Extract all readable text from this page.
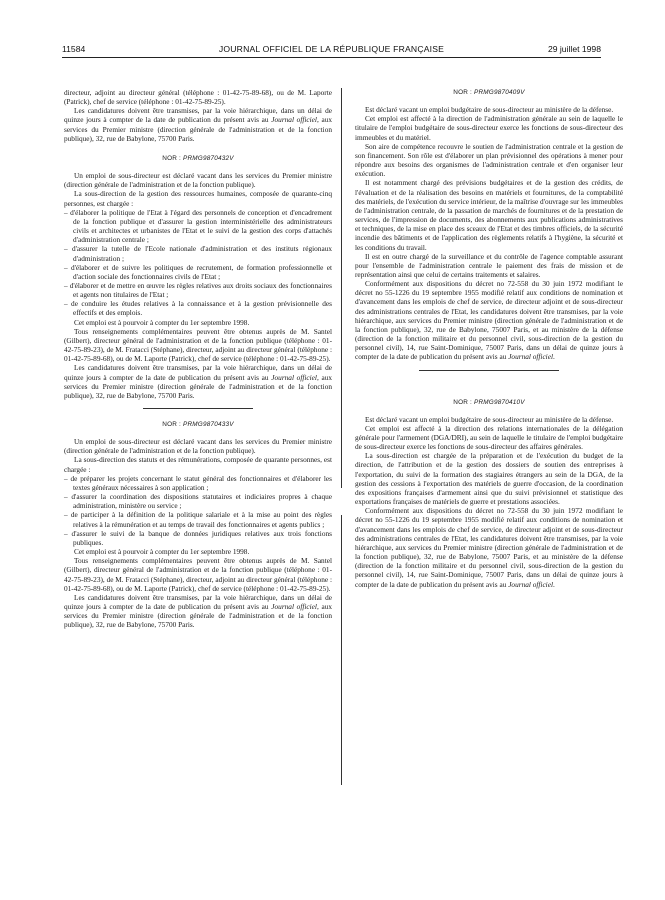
11584	JOURNAL OFFICIEL DE LA RÉPUBLIQUE FRANÇAISE	29 juillet 1998

directeur, adjoint au directeur général (téléphone : 01-42-75-89-68), ou de M. Laporte (Patrick), chef de service (téléphone : 01-42-75-89-25).

Les candidatures doivent être transmises, par la voie hiérarchique, dans un délai de quinze jours à compter de la date de publication du présent avis au Journal officiel, aux services du Premier ministre (direction générale de l'administration et de la fonction publique), 32, rue de Babylone, 75700 Paris.

NOR : PRMG9870432V

Un emploi de sous-directeur est déclaré vacant dans les services du Premier ministre (direction générale de l'administration et de la fonction publique).

La sous-direction de la gestion des ressources humaines, composée de quarante-cinq personnes, est chargée :

– d'élaborer la politique de l'Etat à l'égard des personnels de conception et d'encadrement de la fonction publique et d'assurer la gestion interministérielle des administrateurs civils et architectes et urbanistes de l'Etat et le suivi de la gestion des corps d'attachés d'administration centrale ;
– d'assurer la tutelle de l'Ecole nationale d'administration et des instituts régionaux d'administration ;
– d'élaborer et de suivre les politiques de recrutement, de formation professionnelle et d'action sociale des fonctionnaires civils de l'Etat ;
– d'élaborer et de mettre en œuvre les règles relatives aux droits sociaux des fonctionnaires et agents non titulaires de l'Etat ;
– de conduire les études relatives à la connaissance et à la gestion prévisionnelle des effectifs et des emplois.

Cet emploi est à pourvoir à compter du 1er septembre 1998.

Tous renseignements complémentaires peuvent être obtenus auprès de M. Santel (Gilbert), directeur général de l'administration et de la fonction publique (téléphone : 01-42-75-89-23), de M. Fratacci (Stéphane), directeur, adjoint au directeur général (téléphone : 01-42-75-89-68), ou de M. Laporte (Patrick), chef de service (téléphone : 01-42-75-89-25).

Les candidatures doivent être transmises, par la voie hiérarchique, dans un délai de quinze jours à compter de la date de publication du présent avis au Journal officiel, aux services du Premier ministre (direction générale de l'administration et de la fonction publique), 32, rue de Babylone, 75700 Paris.

NOR : PRMG9870433V

Un emploi de sous-directeur est déclaré vacant dans les services du Premier ministre (direction générale de l'administration et de la fonction publique).

La sous-direction des statuts et des rémunérations, composée de quarante personnes, est chargée :

– de préparer les projets concernant le statut général des fonctionnaires et d'élaborer les textes généraux nécessaires à son application ;
– d'assurer la coordination des dispositions statutaires et indiciaires propres à chaque administration, ministère ou service ;
– de participer à la définition de la politique salariale et à la mise au point des règles relatives à la rémunération et au temps de travail des fonctionnaires et agents publics ;
– d'assurer le suivi de la banque de données juridiques relatives aux trois fonctions publiques.

Cet emploi est à pourvoir à compter du 1er septembre 1998.

Tous renseignements complémentaires peuvent être obtenus auprès de M. Santel (Gilbert), directeur général de l'administration et de la fonction publique (téléphone : 01-42-75-89-23), de M. Fratacci (Stéphane), directeur, adjoint au directeur général (téléphone : 01-42-75-89-68), ou de M. Laporte (Patrick), chef de service (téléphone : 01-42-75-89-25).

Les candidatures doivent être transmises, par la voie hiérarchique, dans un délai de quinze jours à compter de la date de publication du présent avis au Journal officiel, aux services du Premier ministre (direction générale de l'administration et de la fonction publique), 32, rue de Babylone, 75700 Paris.

NOR : PRMG9870409V

Est déclaré vacant un emploi budgétaire de sous-directeur au ministère de la défense.

Cet emploi est affecté à la direction de l'administration générale au sein de laquelle le titulaire de l'emploi budgétaire de sous-directeur exerce les fonctions de sous-directeur des immeubles et du matériel.

Son aire de compétence recouvre le soutien de l'administration centrale et la gestion de son financement. Son rôle est d'élaborer un plan prévisionnel des opérations à mener pour répondre aux besoins des organismes de l'administration centrale et d'en organiser leur exécution.

Il est notamment chargé des prévisions budgétaires et de la gestion des crédits, de l'évaluation et de la réalisation des besoins en matériels et fournitures, de la comptabilité des matériels, de l'exécution du service intérieur, de la maîtrise d'ouvrage sur les immeubles de l'administration centrale, de la passation de marchés de fournitures et de la prestation de services, de l'impression de documents, des abonnements aux publications administratives et techniques, de la mise en place des sceaux de l'Etat et des timbres officiels, de la sécurité incendie des bâtiments et de l'application des règlements relatifs à l'hygiène, la sécurité et les conditions du travail.

Il est en outre chargé de la surveillance et du contrôle de l'agence comptable assurant pour l'ensemble de l'administration centrale le paiement des frais de mission et de représentation ainsi que celui de certains traitements et salaires.

Conformément aux dispositions du décret no 72-558 du 30 juin 1972 modifiant le décret no 55-1226 du 19 septembre 1955 modifié relatif aux conditions de nomination et d'avancement dans les emplois de chef de service, de directeur adjoint et de sous-directeur des administrations centrales de l'Etat, les candidatures doivent être transmises, par la voie hiérarchique, aux services du Premier ministre (direction générale de l'administration et de la fonction publique), 32, rue de Babylone, 75007 Paris, et au ministère de la défense (direction de la fonction militaire et du personnel civil, sous-direction de la gestion du personnel civil), 14, rue Saint-Dominique, 75007 Paris, dans un délai de quinze jours à compter de la date de publication du présent avis au Journal officiel.

NOR : PRMG9870410V

Est déclaré vacant un emploi budgétaire de sous-directeur au ministère de la défense.

Cet emploi est affecté à la direction des relations internationales de la délégation générale pour l'armement (DGA/DRI), au sein de laquelle le titulaire de l'emploi budgétaire de sous-directeur exerce les fonctions de sous-directeur des affaires générales.

La sous-direction est chargée de la préparation et de l'exécution du budget de la direction, de l'attribution et de la gestion des dossiers de soutien des entreprises à l'exportation, du suivi de la formation des stagiaires étrangers au sein de la DGA, de la gestion des cessions à l'exportation des matériels de guerre d'occasion, de la coordination des expositions françaises d'armement ainsi que du suivi prévisionnel et statistique des exportations françaises de matériels de guerre et prestations associées.

Conformément aux dispositions du décret no 72-558 du 30 juin 1972 modifiant le décret no 55-1226 du 19 septembre 1955 modifié relatif aux conditions de nomination et d'avancement dans les emplois de chef de service, de directeur adjoint et de sous-directeur des administrations centrales de l'Etat, les candidatures doivent être transmises, par la voie hiérarchique, aux services du Premier ministre (direction générale de l'administration et de la fonction publique), 32, rue de Babylone, 75007 Paris, et au ministère de la défense (direction de la fonction militaire et du personnel civil, sous-direction de la gestion du personnel civil), 14, rue Saint-Dominique, 75007 Paris, dans un délai de quinze jours à compter de la date de publication du présent avis au Journal officiel.
